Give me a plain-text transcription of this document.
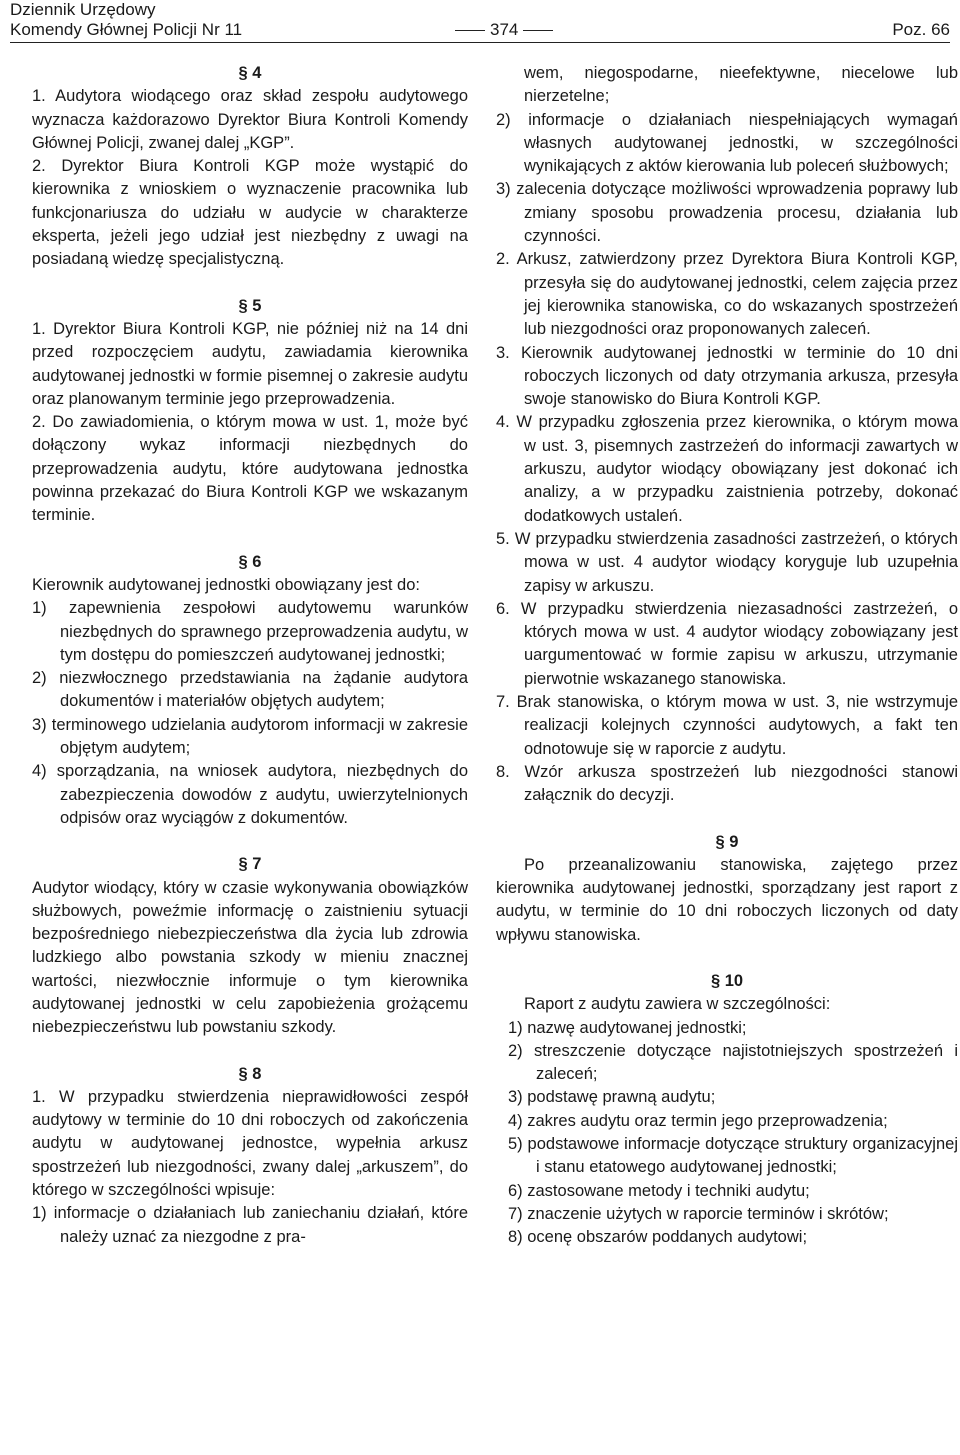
Dziennik Urzędowy
Komendy Głównej Policji Nr 11	374	Poz. 66

§ 4

1. Audytora wiodącego oraz skład zespołu audytowego wyznacza każdorazowo Dyrektor Biura Kontroli Komendy Głównej Policji, zwanej dalej „KGP”.

2. Dyrektor Biura Kontroli KGP może wystąpić do kierownika z wnioskiem o wyznaczenie pracownika lub funkcjonariusza do udziału w audycie w charakterze eksperta, jeżeli jego udział jest niezbędny z uwagi na posiadaną wiedzę specjalistyczną.

§ 5

1. Dyrektor Biura Kontroli KGP, nie później niż na 14 dni przed rozpoczęciem audytu, zawiadamia kierownika audytowanej jednostki w formie pisemnej o zakresie audytu oraz planowanym terminie jego przeprowadzenia.

2. Do zawiadomienia, o którym mowa w ust. 1, może być dołączony wykaz informacji niezbędnych do przeprowadzenia audytu, które audytowana jednostka powinna przekazać do Biura Kontroli KGP we wskazanym terminie.

§ 6

Kierownik audytowanej jednostki obowiązany jest do:

1) zapewnienia zespołowi audytowemu warunków niezbędnych do sprawnego przeprowadzenia audytu, w tym dostępu do pomieszczeń audytowanej jednostki;

2) niezwłocznego przedstawiania na żądanie audytora dokumentów i materiałów objętych audytem;

3) terminowego udzielania audytorom informacji w zakresie objętym audytem;

4) sporządzania, na wniosek audytora, niezbędnych do zabezpieczenia dowodów z audytu, uwierzytelnionych odpisów oraz wyciągów z dokumentów.

§ 7

Audytor wiodący, który w czasie wykonywania obowiązków służbowych, poweźmie informację o zaistnieniu sytuacji bezpośredniego niebezpieczeństwa dla życia lub zdrowia ludzkiego albo powstania szkody w mieniu znacznej wartości, niezwłocznie informuje o tym kierownika audytowanej jednostki w celu zapobieżenia grożącemu niebezpieczeństwu lub powstaniu szkody.

§ 8

1. W przypadku stwierdzenia nieprawidłowości zespół audytowy w terminie do 10 dni roboczych od zakończenia audytu w audytowanej jednostce, wypełnia arkusz spostrzeżeń lub niezgodności, zwany dalej „arkuszem”, do którego w szczególności wpisuje:

1) informacje o działaniach lub zaniechaniu działań, które należy uznać za niezgodne z pra-

wem, niegospodarne, nieefektywne, niecelowe lub nierzetelne;

2) informacje o działaniach niespełniających wymagań własnych audytowanej jednostki, w szczególności wynikających z aktów kierowania lub poleceń służbowych;

3) zalecenia dotyczące możliwości wprowadzenia poprawy lub zmiany sposobu prowadzenia procesu, działania lub czynności.

2. Arkusz, zatwierdzony przez Dyrektora Biura Kontroli KGP, przesyła się do audytowanej jednostki, celem zajęcia przez jej kierownika stanowiska, co do wskazanych spostrzeżeń lub niezgodności oraz proponowanych zaleceń.

3. Kierownik audytowanej jednostki w terminie do 10 dni roboczych liczonych od daty otrzymania arkusza, przesyła swoje stanowisko do Biura Kontroli KGP.

4. W przypadku zgłoszenia przez kierownika, o którym mowa w ust. 3, pisemnych zastrzeżeń do informacji zawartych w arkuszu, audytor wiodący obowiązany jest dokonać ich analizy, a w przypadku zaistnienia potrzeby, dokonać dodatkowych ustaleń.

5. W przypadku stwierdzenia zasadności zastrzeżeń, o których mowa w ust. 4 audytor wiodący koryguje lub uzupełnia zapisy w arkuszu.

6. W przypadku stwierdzenia niezasadności zastrzeżeń, o których mowa w ust. 4 audytor wiodący zobowiązany jest uargumentować w formie zapisu w arkuszu, utrzymanie pierwotnie wskazanego stanowiska.

7. Brak stanowiska, o którym mowa w ust. 3, nie wstrzymuje realizacji kolejnych czynności audytowych, a fakt ten odnotowuje się w raporcie z audytu.

8. Wzór arkusza spostrzeżeń lub niezgodności stanowi załącznik do decyzji.

§ 9

Po przeanalizowaniu stanowiska, zajętego przez kierownika audytowanej jednostki, sporządzany jest raport z audytu, w terminie do 10 dni roboczych liczonych od daty wpływu stanowiska.

§ 10

Raport z audytu zawiera w szczególności:

1) nazwę audytowanej jednostki;

2) streszczenie dotyczące najistotniejszych spostrzeżeń i zaleceń;

3) podstawę prawną audytu;

4) zakres audytu oraz termin jego przeprowadzenia;

5) podstawowe informacje dotyczące struktury organizacyjnej i stanu etatowego audytowanej jednostki;

6) zastosowane metody i techniki audytu;

7) znaczenie użytych w raporcie terminów i skrótów;

8) ocenę obszarów poddanych audytowi;
